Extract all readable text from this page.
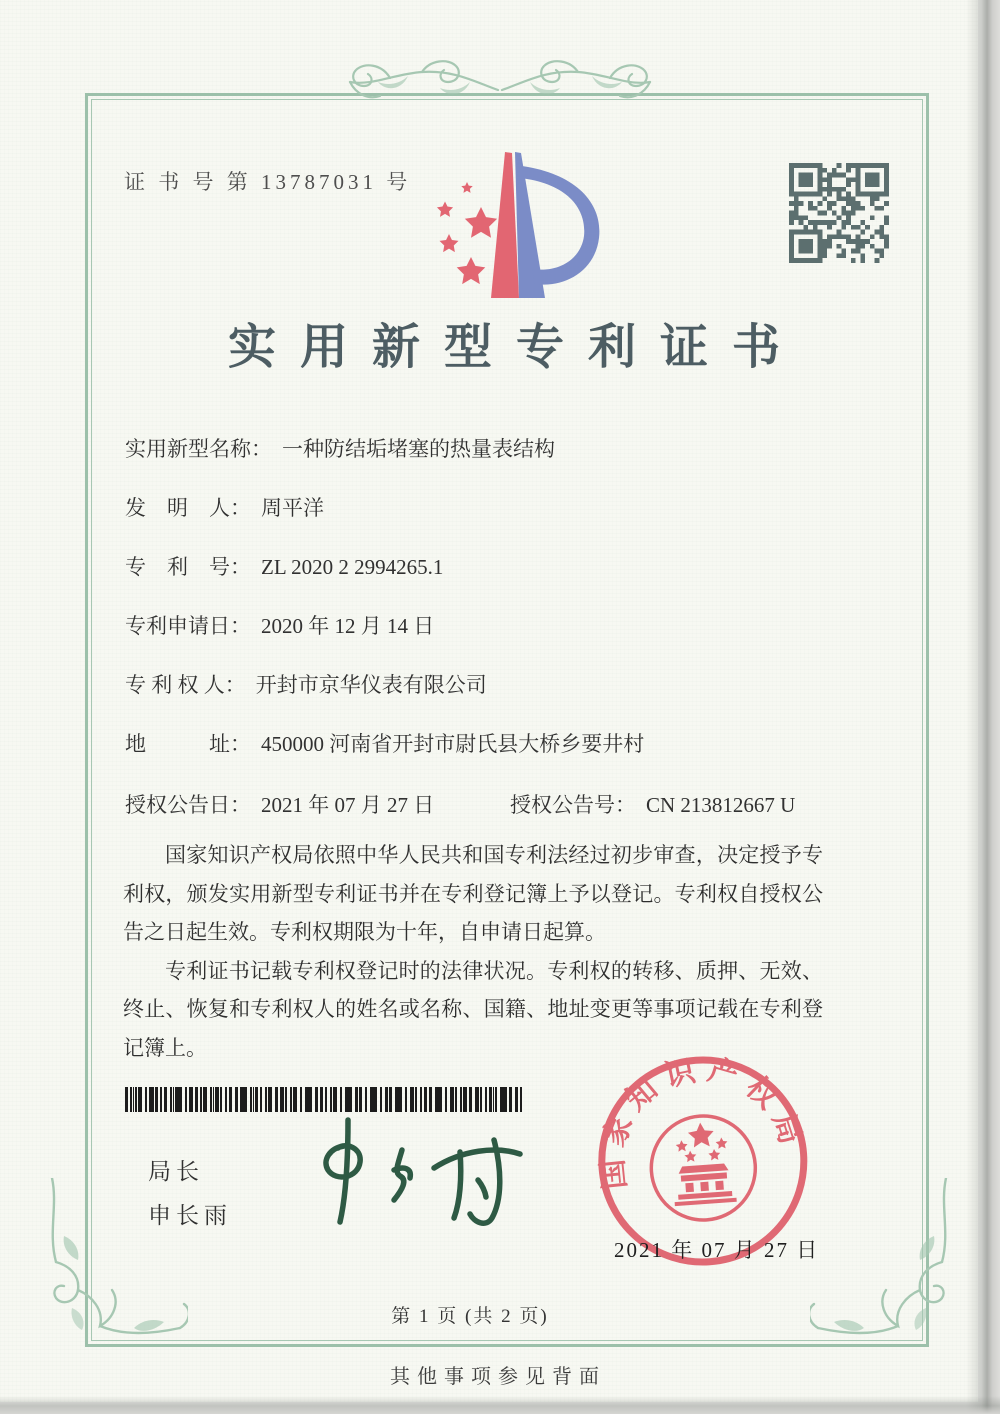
证 书 号 第 13787031 号
实用新型专利证书
实用新型名称： 一种防结垢堵塞的热量表结构
发　明　人： 周平洋
专　利　号： ZL 2020 2 2994265.1
专利申请日： 2020 年 12 月 14 日
专 利 权 人： 开封市京华仪表有限公司
地　　　址： 450000 河南省开封市尉氏县大桥乡要井村
授权公告日： 2021 年 07 月 27 日	授权公告号： CN 213812667 U

国家知识产权局依照中华人民共和国专利法经过初步审查，决定授予专利权，颁发实用新型专利证书并在专利登记簿上予以登记。专利权自授权公告之日起生效。专利权期限为十年，自申请日起算。

专利证书记载专利权登记时的法律状况。专利权的转移、质押、无效、终止、恢复和专利权人的姓名或名称、国籍、地址变更等事项记载在专利登记簿上。

局长
申长雨
国家知识产权局
2021 年 07 月 27 日
第 1 页 (共 2 页)
其他事项参见背面
